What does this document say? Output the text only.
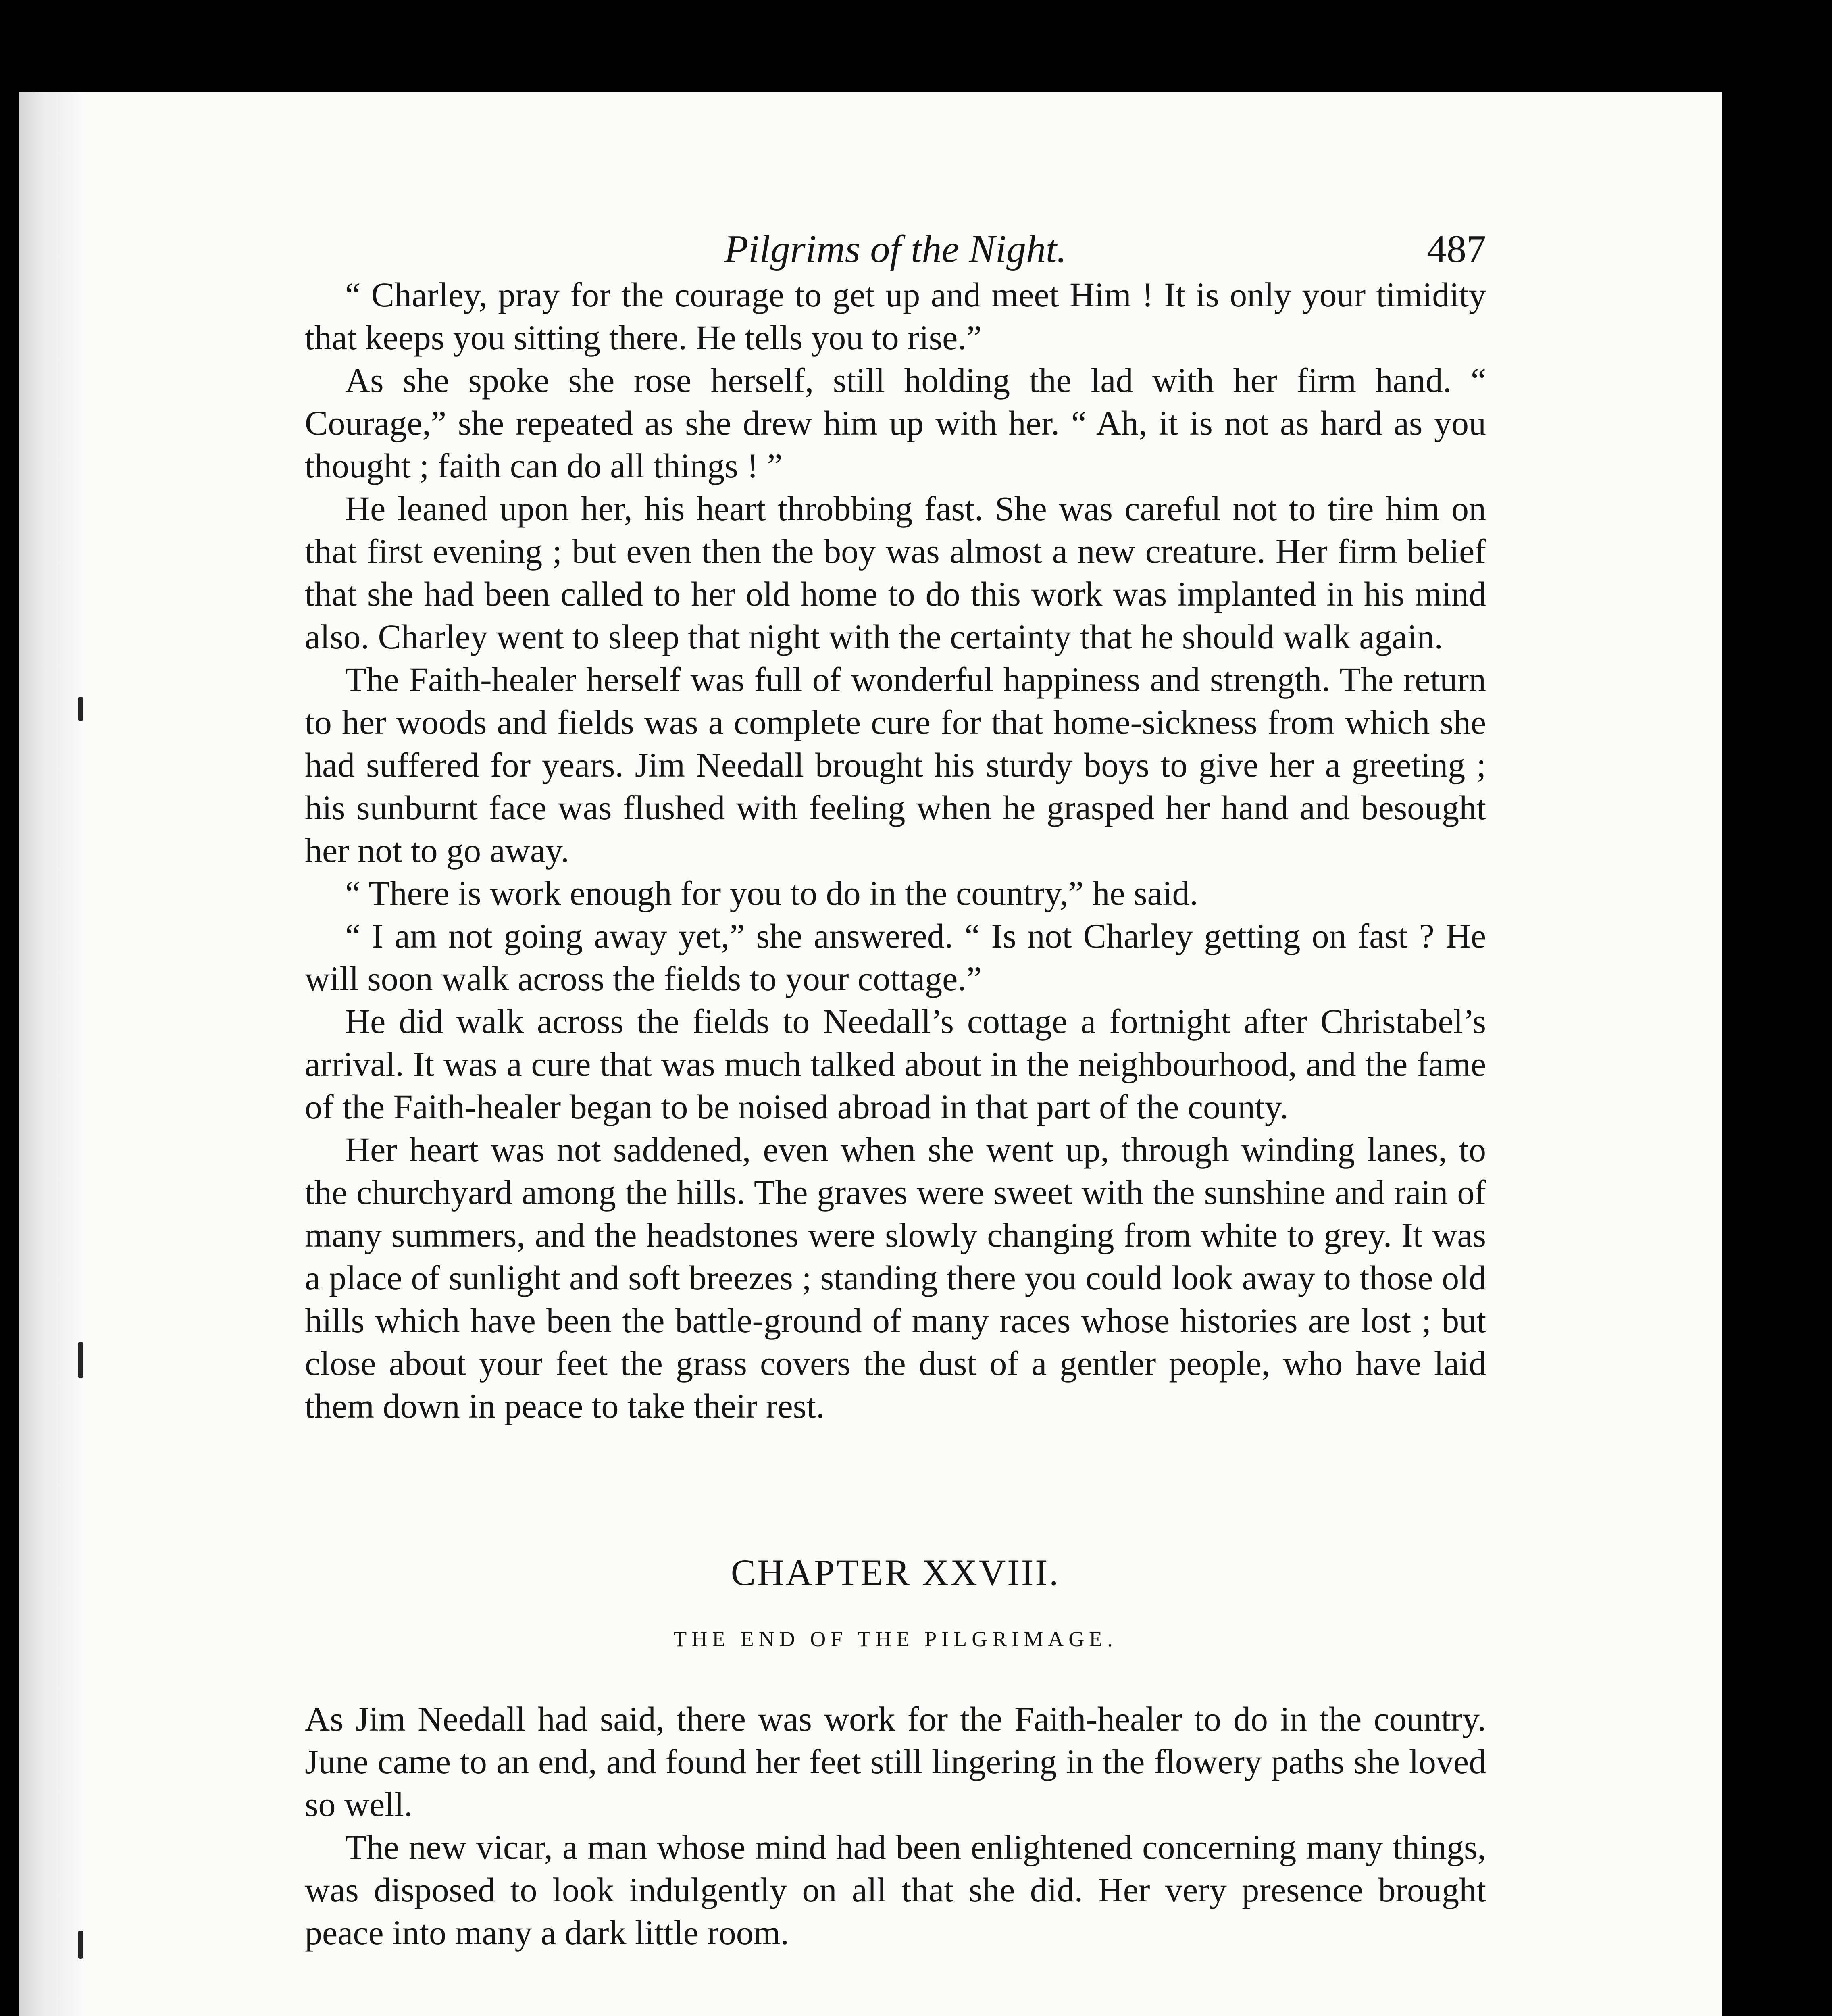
Pilgrims of the Night.	487

“ Charley, pray for the courage to get up and meet Him ! It is only your timidity that keeps you sitting there. He tells you to rise.”

As she spoke she rose herself, still holding the lad with her firm hand. “ Courage,” she repeated as she drew him up with her. “ Ah, it is not as hard as you thought ; faith can do all things ! ”

He leaned upon her, his heart throbbing fast. She was careful not to tire him on that first evening ; but even then the boy was almost a new creature. Her firm belief that she had been called to her old home to do this work was implanted in his mind also. Charley went to sleep that night with the certainty that he should walk again.

The Faith-healer herself was full of wonderful happiness and strength. The return to her woods and fields was a complete cure for that home-sickness from which she had suffered for years. Jim Needall brought his sturdy boys to give her a greeting ; his sunburnt face was flushed with feeling when he grasped her hand and besought her not to go away.

“ There is work enough for you to do in the country,” he said.

“ I am not going away yet,” she answered. “ Is not Charley getting on fast ? He will soon walk across the fields to your cottage.”

He did walk across the fields to Needall’s cottage a fortnight after Christabel’s arrival. It was a cure that was much talked about in the neighbourhood, and the fame of the Faith-healer began to be noised abroad in that part of the county.

Her heart was not saddened, even when she went up, through winding lanes, to the churchyard among the hills. The graves were sweet with the sunshine and rain of many summers, and the headstones were slowly changing from white to grey. It was a place of sunlight and soft breezes ; standing there you could look away to those old hills which have been the battle-ground of many races whose histories are lost ; but close about your feet the grass covers the dust of a gentler people, who have laid them down in peace to take their rest.

CHAPTER XXVIII.
THE END OF THE PILGRIMAGE.

As Jim Needall had said, there was work for the Faith-healer to do in the country. June came to an end, and found her feet still lingering in the flowery paths she loved so well.

The new vicar, a man whose mind had been enlightened concerning many things, was disposed to look indulgently on all that she did. Her very presence brought peace into many a dark little room.
